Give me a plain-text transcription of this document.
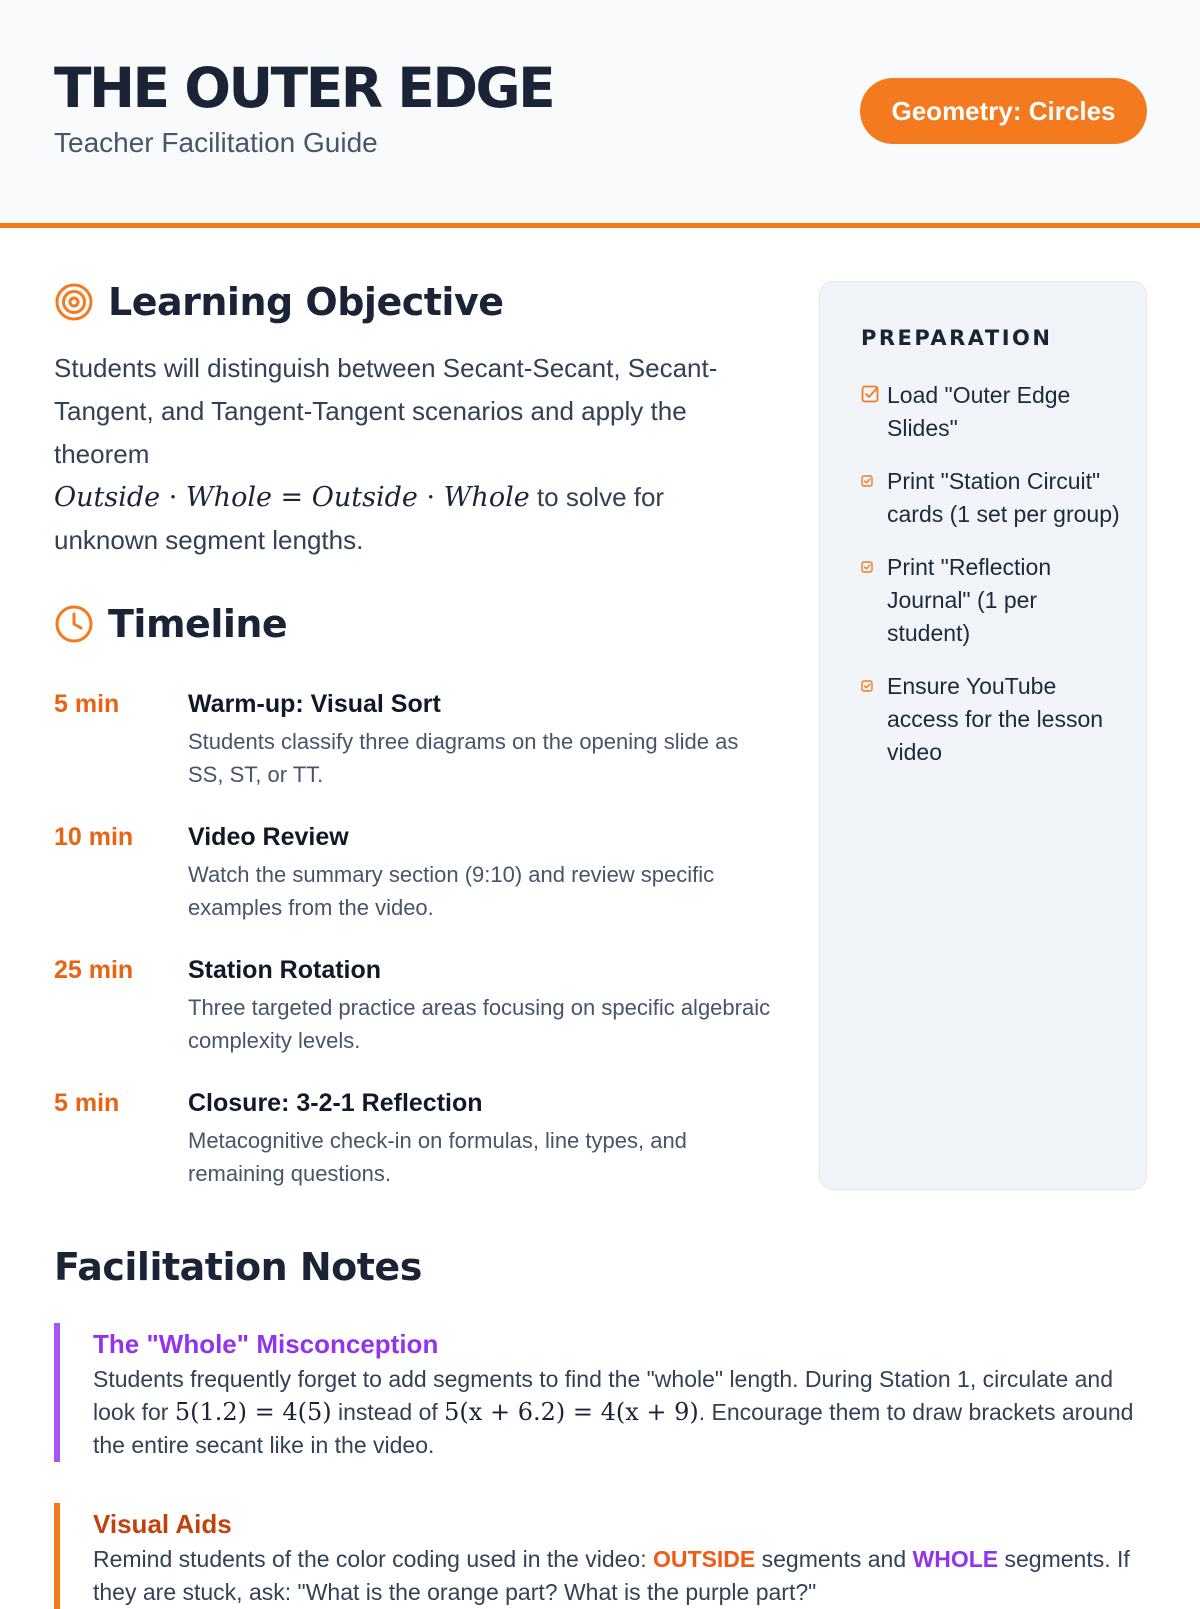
THE OUTER EDGE
Teacher Facilitation Guide
Geometry: Circles
Learning Objective

Students will distinguish between Secant-Secant, Secant-Tangent, and Tangent-Tangent scenarios and apply the theorem
Outside · Whole = Outside · Whole to solve for unknown segment lengths.

Timeline
5 min	Warm-up: Visual Sort
Students classify three diagrams on the opening slide as SS, ST, or TT.
10 min Video Review
Watch the summary section (9:10) and review specific examples from the video.
25 min Station Rotation
Three targeted practice areas focusing on specific algebraic complexity levels.
5 min	Closure: 3-2-1 Reflection
Metacognitive check-in on formulas, line types, and remaining questions.
PREPARATION
Load "Outer Edge Slides"
Print "Station Circuit" cards (1 set per group)
Print "Reflection Journal" (1 per student)
Ensure YouTube access for the lesson video
Facilitation Notes
The "Whole" Misconception
Students frequently forget to add segments to find the "whole" length. During Station 1, circulate and look for 5(1.2) = 4(5) instead of 5(x + 6.2) = 4(x + 9). Encourage them to draw brackets around the entire secant like in the video.
Visual Aids
Remind students of the color coding used in the video: OUTSIDE segments and WHOLE segments. If they are stuck, ask: "What is the orange part? What is the purple part?"
